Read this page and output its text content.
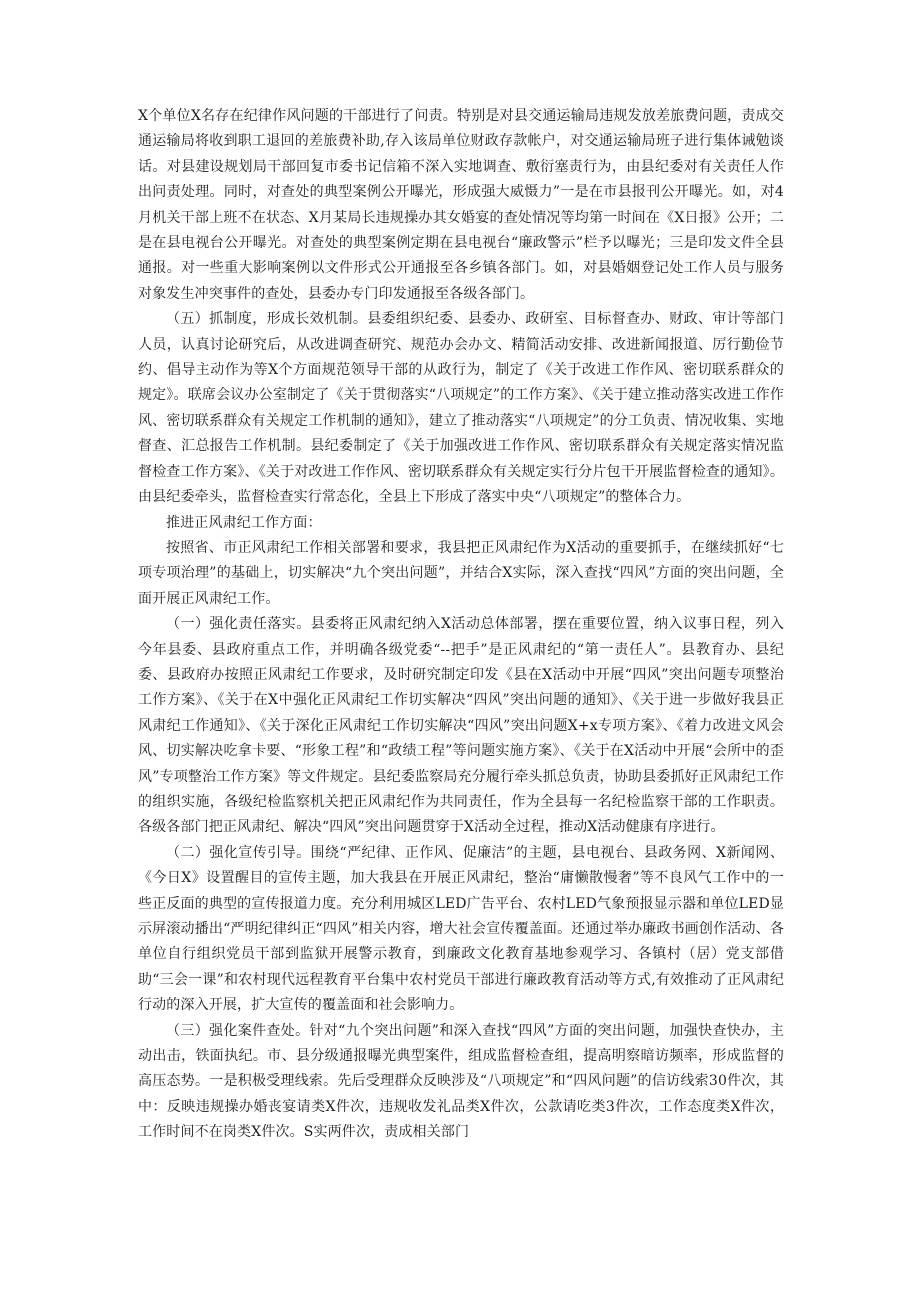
X个单位X名存在纪律作风问题的干部进行了问责。特别是对县交通运输局违规发放差旅费问题，责成交通运输局将收到职工退回的差旅费补助,存入该局单位财政存款帐户，对交通运输局班子进行集体诫勉谈话。对县建设规划局干部回复市委书记信箱不深入实地调查、敷衍塞责行为，由县纪委对有关责任人作出问责处理。同时，对查处的典型案例公开曝光，形成强大威慑力”一是在市县报刊公开曝光。如，对4月机关干部上班不在状态、X月某局长违规操办其女婚宴的查处情况等均第一时间在《X日报》公开；二是在县电视台公开曝光。对查处的典型案例定期在县电视台“廉政警示”栏予以曝光；三是印发文件全县通报。对一些重大影响案例以文件形式公开通报至各乡镇各部门。如，对县婚姻登记处工作人员与服务对象发生冲突事件的查处，县委办专门印发通报至各级各部门。

（五）抓制度，形成长效机制。县委组织纪委、县委办、政研室、目标督查办、财政、审计等部门人员，认真讨论研究后，从改进调查研究、规范办会办文、精简活动安排、改进新闻报道、厉行勤俭节约、倡导主动作为等X个方面规范领导干部的从政行为，制定了《关于改进工作作风、密切联系群众的规定》。联席会议办公室制定了《关于贯彻落实“八项规定”的工作方案》、《关于建立推动落实改进工作作风、密切联系群众有关规定工作机制的通知》，建立了推动落实“八项规定”的分工负责、情况收集、实地督查、汇总报告工作机制。县纪委制定了《关于加强改进工作作风、密切联系群众有关规定落实情况监督检查工作方案》、《关于对改进工作作风、密切联系群众有关规定实行分片包干开展监督检查的通知》。由县纪委牵头，监督检查实行常态化，全县上下形成了落实中央“八项规定”的整体合力。

推进正风肃纪工作方面：

按照省、市正风肃纪工作相关部署和要求，我县把正风肃纪作为X活动的重要抓手，在继续抓好“七项专项治理”的基础上，切实解决“九个突出问题”，并结合X实际，深入查找“四风”方面的突出问题，全面开展正风肃纪工作。

（一）强化责任落实。县委将正风肃纪纳入X活动总体部署，摆在重要位置，纳入议事日程，列入今年县委、县政府重点工作，并明确各级党委“--把手”是正风肃纪的“第一责任人”。县教育办、县纪委、县政府办按照正风肃纪工作要求，及时研究制定印发《县在X活动中开展“四风”突出问题专项整治工作方案》、《关于在X中强化正风肃纪工作切实解决“四风”突出问题的通知》、《关于进一步做好我县正风肃纪工作通知》、《关于深化正风肃纪工作切实解决“四风”突出问题X+x专项方案》、《着力改进文风会风、切实解决吃拿卡要、“形象工程”和“政绩工程”等问题实施方案》、《关于在X活动中开展“会所中的歪风”专项整治工作方案》等文件规定。县纪委监察局充分履行牵头抓总负责，协助县委抓好正风肃纪工作的组织实施，各级纪检监察机关把正风肃纪作为共同责任，作为全县每一名纪检监察干部的工作职责。各级各部门把正风肃纪、解决“四风”突出问题贯穿于X活动全过程，推动X活动健康有序进行。

（二）强化宣传引导。围绕“严纪律、正作风、促廉洁”的主题，县电视台、县政务网、X新闻网、《今日X》设置醒目的宣传主题，加大我县在开展正风肃纪，整治“庸懒散慢奢”等不良风气工作中的一些正反面的典型的宣传报道力度。充分利用城区LED广告平台、农村LED气象预报显示器和单位LED显示屏滚动播出“严明纪律纠正“四风”相关内容，增大社会宣传覆盖面。还通过举办廉政书画创作活动、各单位自行组织党员干部到监狱开展警示教育，到廉政文化教育基地参观学习、各镇村（居）党支部借助“三会一课”和农村现代远程教育平台集中农村党员干部进行廉政教育活动等方式,有效推动了正风肃纪行动的深入开展，扩大宣传的覆盖面和社会影响力。

（三）强化案件查处。针对“九个突出问题”和深入查找“四风”方面的突出问题，加强快查快办，主动出击，铁面执纪。市、县分级通报曝光典型案件，组成监督检查组，提高明察暗访频率，形成监督的高压态势。一是积极受理线索。先后受理群众反映涉及“八项规定”和“四风问题”的信访线索30件次，其中：反映违规操办婚丧宴请类X件次，违规收发礼品类X件次，公款请吃类3件次，工作态度类X件次，工作时间不在岗类X件次。S实两件次，责成相关部门
